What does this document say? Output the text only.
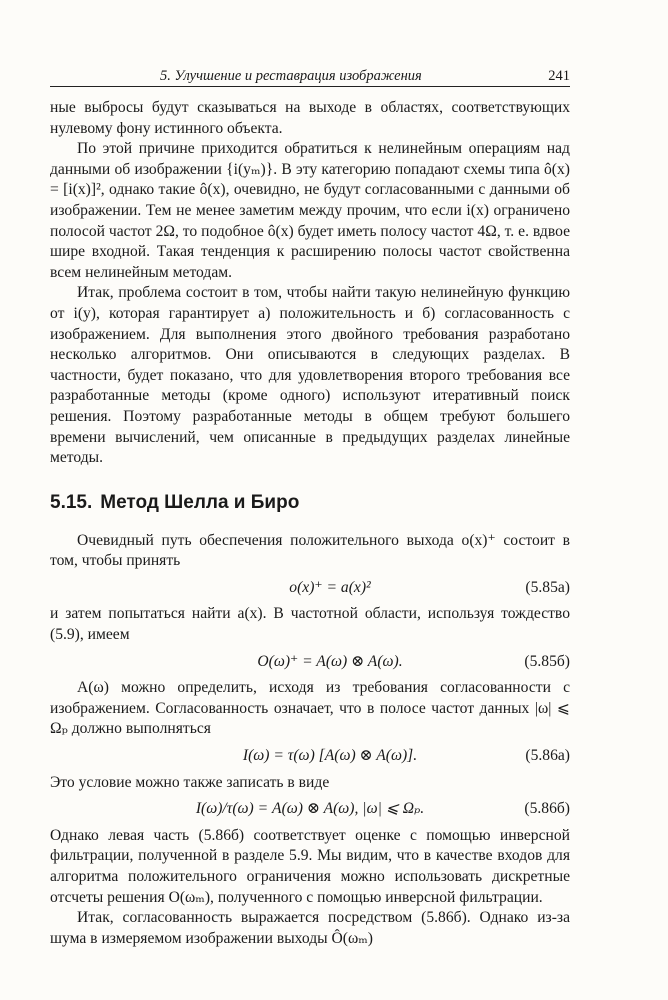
5. Улучшение и реставрация изображения	241

ные выбросы будут сказываться на выходе в областях, соответствующих нулевому фону истинного объекта.

По этой причине приходится обратиться к нелинейным операциям над данными об изображении {i(yₘ)}. В эту категорию попадают схемы типа ô(x) = [i(x)]², однако такие ô(x), очевидно, не будут согласованными с данными об изображении. Тем не менее заметим между прочим, что если i(x) ограничено полосой частот 2Ω, то подобное ô(x) будет иметь полосу частот 4Ω, т. е. вдвое шире входной. Такая тенденция к расширению полосы частот свойственна всем нелинейным методам.

Итак, проблема состоит в том, чтобы найти такую нелинейную функцию от i(y), которая гарантирует а) положительность и б) согласованность с изображением. Для выполнения этого двойного требования разработано несколько алгоритмов. Они описываются в следующих разделах. В частности, будет показано, что для удовлетворения второго требования все разработанные методы (кроме одного) используют итеративный поиск решения. Поэтому разработанные методы в общем требуют большего времени вычислений, чем описанные в предыдущих разделах линейные методы.

5.15. Метод Шелла и Биро

Очевидный путь обеспечения положительного выхода o(x)⁺ состоит в том, чтобы принять

o(x)⁺ = a(x)²	(5.85а)

и затем попытаться найти a(x). В частотной области, используя тождество (5.9), имеем

O(ω)⁺ = A(ω) ⊗ A(ω).	(5.85б)

A(ω) можно определить, исходя из требования согласованности с изображением. Согласованность означает, что в полосе частот данных |ω| ⩽ Ωₚ должно выполняться

I(ω) = τ(ω) [A(ω) ⊗ A(ω)].	(5.86а)

Это условие можно также записать в виде

I(ω)/τ(ω) = A(ω) ⊗ A(ω), |ω| ⩽ Ωₚ.	(5.86б)

Однако левая часть (5.86б) соответствует оценке с помощью инверсной фильтрации, полученной в разделе 5.9. Мы видим, что в качестве входов для алгоритма положительного ограничения можно использовать дискретные отсчеты решения O(ωₘ), полученного с помощью инверсной фильтрации.

Итак, согласованность выражается посредством (5.86б). Однако из-за шума в измеряемом изображении выходы Ô(ωₘ)
